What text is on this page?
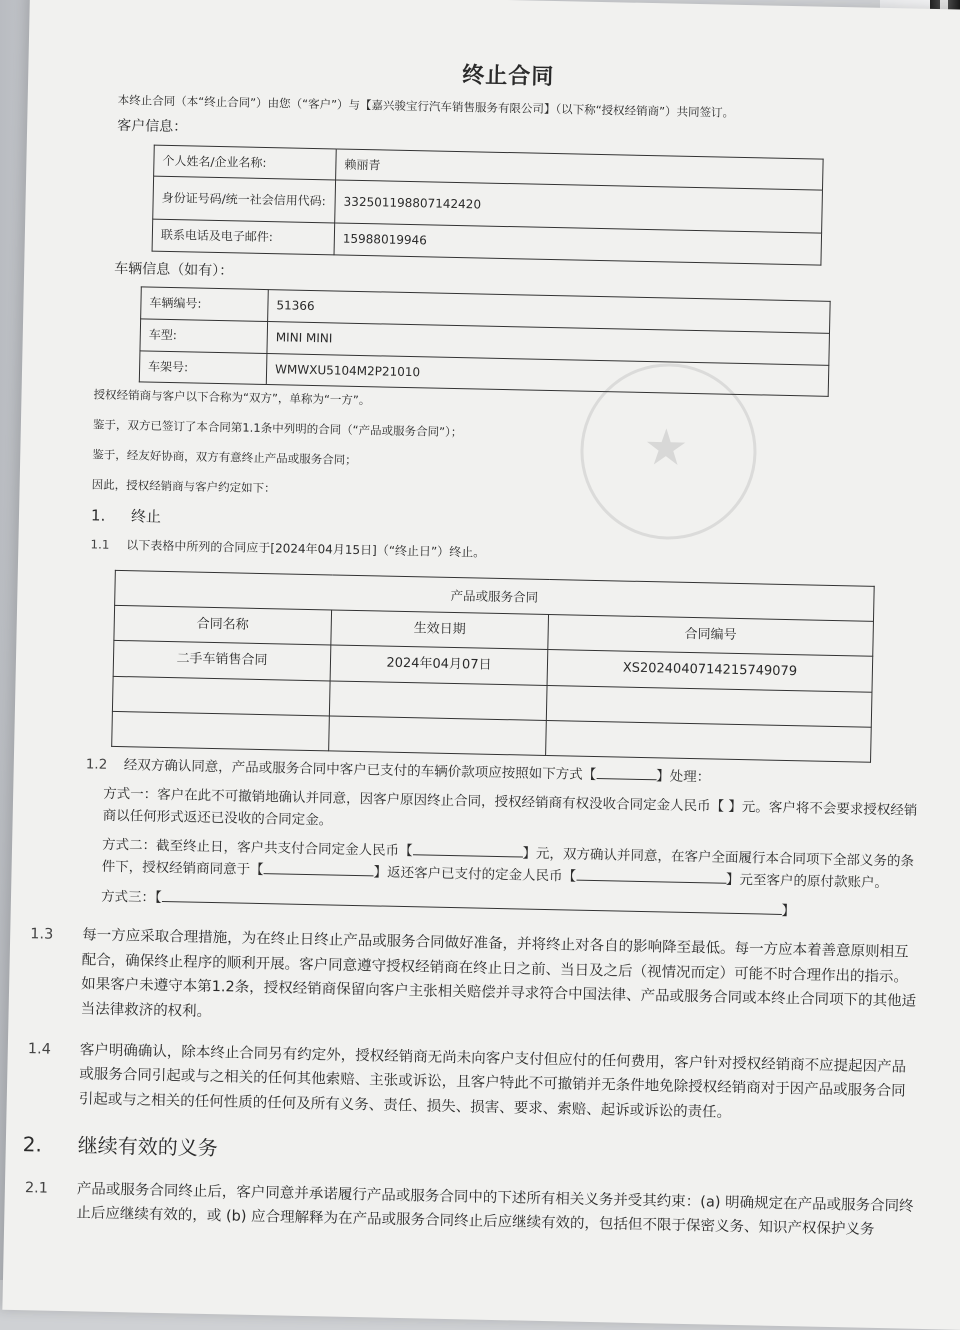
★
终止合同
本终止合同（本“终止合同”）由您（“客户”）与【嘉兴骏宝行汽车销售服务有限公司】（以下称“授权经销商”）共同签订。
客户信息：
个人姓名/企业名称:	赖丽青
身份证号码/统一社会信用代码:	332501198807142420
联系电话及电子邮件:	15988019946
车辆信息（如有）：
车辆编号:	51366
车型:	MINI MINI
车架号:	WMWXU5104M2P21010
授权经销商与客户以下合称为“双方”，单称为“一方”。
鉴于，双方已签订了本合同第1.1条中列明的合同（“产品或服务合同”）；
鉴于，经友好协商，双方有意终止产品或服务合同；
因此，授权经销商与客户约定如下：
1. 终止
1.1 以下表格中所列的合同应于[2024年04月15日]（“终止日”）终止。
产品或服务合同		
合同名称	生效日期	合同编号
二手车销售合同	2024年04月07日	XS2024040714215749079

1.2 经双方确认同意，产品或服务合同中客户已支付的车辆价款项应按照如下方式【	】处理：
方式一：客户在此不可撤销地确认并同意，因客户原因终止合同，授权经销商有权没收合同定金人民币【 】元。客户将不会要求授权经销商以任何形式返还已没收的合同定金。
方式二：截至终止日，客户共支付合同定金人民币【	】元，双方确认并同意，在客户全面履行本合同项下全部义务的条件下，授权经销商同意于【	】返还客户已支付的定金人民币【	】元至客户的原付款账户。
方式三：【】
1.3 每一方应采取合理措施，为在终止日终止产品或服务合同做好准备，并将终止对各自的影响降至最低。每一方应本着善意原则相互配合，确保终止程序的顺利开展。客户同意遵守授权经销商在终止日之前、当日及之后（视情况而定）可能不时合理作出的指示。如果客户未遵守本第1.2条，授权经销商保留向客户主张相关赔偿并寻求符合中国法律、产品或服务合同或本终止合同项下的其他适当法律救济的权利。

1.4 客户明确确认，除本终止合同另有约定外，授权经销商无尚未向客户支付但应付的任何费用，客户针对授权经销商不应提起因产品或服务合同引起或与之相关的任何其他索赔、主张或诉讼，且客户特此不可撤销并无条件地免除授权经销商对于因产品或服务合同引起或与之相关的任何性质的任何及所有义务、责任、损失、损害、要求、索赔、起诉或诉讼的责任。

2. 继续有效的义务
2.1 产品或服务合同终止后，客户同意并承诺履行产品或服务合同中的下述所有相关义务并受其约束：(a) 明确规定在产品或服务合同终止后应继续有效的，或 (b) 应合理解释为在产品或服务合同终止后应继续有效的，包括但不限于保密义务、知识产权保护义务
